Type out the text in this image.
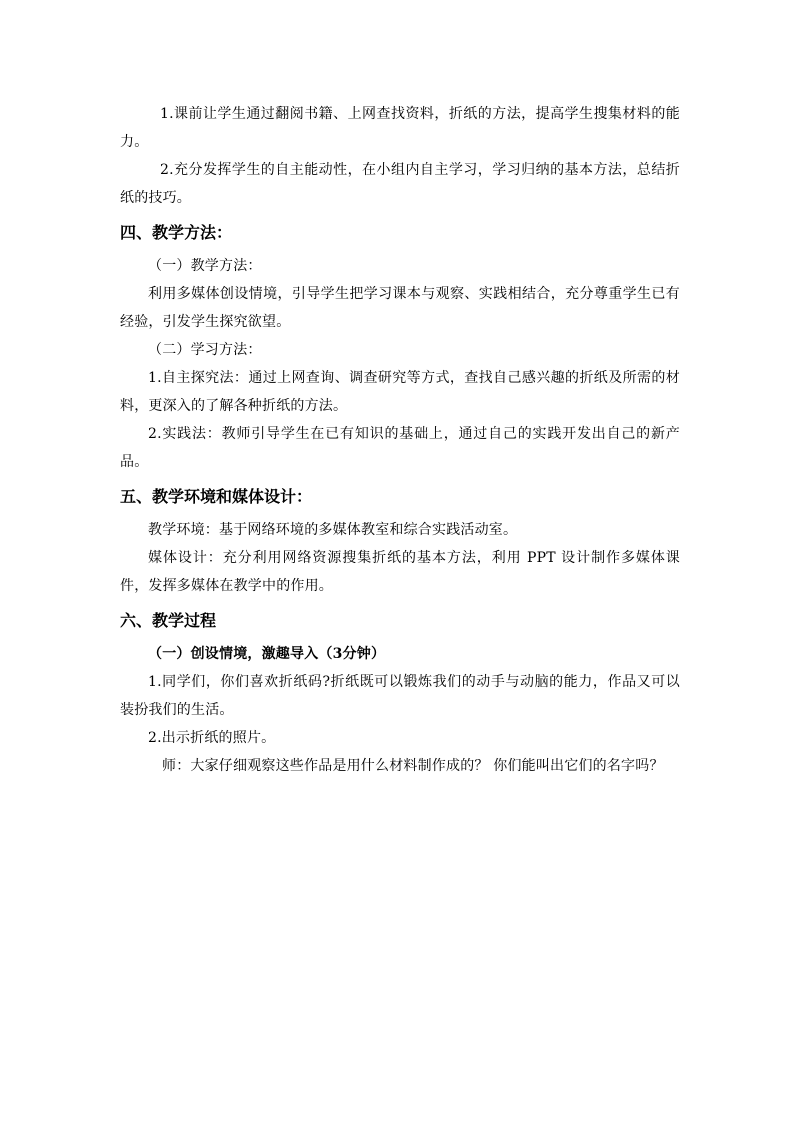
1.课前让学生通过翻阅书籍、上网查找资料，折纸的方法，提高学生搜集材料的能力。

2.充分发挥学生的自主能动性，在小组内自主学习，学习归纳的基本方法，总结折纸的技巧。

四、教学方法：

（一）教学方法：

利用多媒体创设情境，引导学生把学习课本与观察、实践相结合，充分尊重学生已有经验，引发学生探究欲望。

（二）学习方法：

1.自主探究法：通过上网查询、调查研究等方式，查找自己感兴趣的折纸及所需的材料，更深入的了解各种折纸的方法。

2.实践法：教师引导学生在已有知识的基础上，通过自己的实践开发出自己的新产品。

五、教学环境和媒体设计：

教学环境：基于网络环境的多媒体教室和综合实践活动室。

媒体设计：充分利用网络资源搜集折纸的基本方法，利用 PPT 设计制作多媒体课件，发挥多媒体在教学中的作用。

六、教学过程

（一）创设情境，激趣导入（3分钟）

1.同学们，你们喜欢折纸码?折纸既可以锻炼我们的动手与动脑的能力，作品又可以装扮我们的生活。

2.出示折纸的照片。

师：大家仔细观察这些作品是用什么材料制作成的？ 你们能叫出它们的名字吗？
